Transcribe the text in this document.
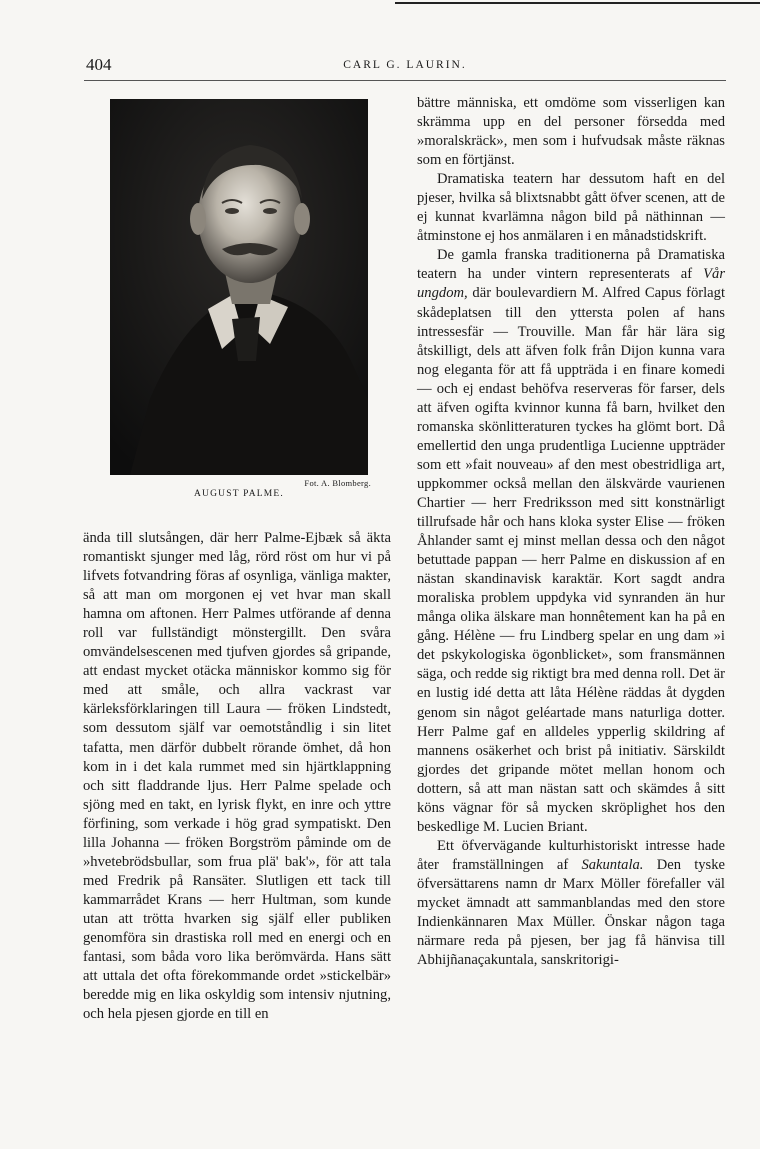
404	CARL G. LAURIN.
Fot. A. Blomberg.
AUGUST PALME.

ända till slutsången, där herr Palme-Ejbæk så äkta romantiskt sjunger med låg, rörd röst om hur vi på lifvets fotvandring föras af osynliga, vänliga makter, så att man om morgonen ej vet hvar man skall hamna om aftonen. Herr Palmes utförande af denna roll var fullständigt mönstergillt. Den svåra omvändelsescenen med tjufven gjordes så gripande, att endast mycket otäcka människor kommo sig för med att småle, och allra vackrast var kärleksförklaringen till Laura — fröken Lindstedt, som dessutom själf var oemotståndlig i sin litet tafatta, men därför dubbelt rörande ömhet, då hon kom in i det kala rummet med sin hjärtklappning och sitt fladdrande ljus. Herr Palme spelade och sjöng med en takt, en lyrisk flykt, en inre och yttre förfining, som verkade i hög grad sympatiskt. Den lilla Johanna — fröken Borgström påminde om de »hvetebrödsbullar, som frua plä' bak'», för att tala med Fredrik på Ransäter. Slutligen ett tack till kammarrådet Krans — herr Hultman, som kunde utan att trötta hvarken sig själf eller publiken genomföra sin drastiska roll med en energi och en fantasi, som båda voro lika berömvärda. Hans sätt att uttala det ofta förekommande ordet »stickelbär» beredde mig en lika oskyldig som intensiv njutning, och hela pjesen gjorde en till en

bättre människa, ett omdöme som visserligen kan skrämma upp en del personer försedda med »moralskräck», men som i hufvudsak måste räknas som en förtjänst.

Dramatiska teatern har dessutom haft en del pjeser, hvilka så blixtsnabbt gått öfver scenen, att de ej kunnat kvarlämna någon bild på näthinnan — åtminstone ej hos anmälaren i en månadstidskrift.

De gamla franska traditionerna på Dramatiska teatern ha under vintern representerats af Vår ungdom, där boulevardiern M. Alfred Capus förlagt skådeplatsen till den yttersta polen af hans intressesfär — Trouville. Man får här lära sig åtskilligt, dels att äfven folk från Dijon kunna vara nog eleganta för att få uppträda i en finare komedi — och ej endast behöfva reserveras för farser, dels att äfven ogifta kvinnor kunna få barn, hvilket den romanska skönlitteraturen tyckes ha glömt bort. Då emellertid den unga prudentliga Lucienne uppträder som ett »fait nouveau» af den mest obestridliga art, uppkommer också mellan den älskvärde vaurienen Chartier — herr Fredriksson med sitt konstnärligt tillrufsade hår och hans kloka syster Elise — fröken Åhlander samt ej minst mellan dessa och den något betuttade pappan — herr Palme en diskussion af en nästan skandinavisk karaktär. Kort sagdt andra moraliska problem uppdyka vid synranden än hur många olika älskare man honnêtement kan ha på en gång. Hélène — fru Lindberg spelar en ung dam »i det pskykologiska ögonblicket», som fransmännen säga, och redde sig riktigt bra med denna roll. Det är en lustig idé detta att låta Hélène räddas åt dygden genom sin något geléartade mans naturliga dotter. Herr Palme gaf en alldeles ypperlig skildring af mannens osäkerhet och brist på initiativ. Särskildt gjordes det gripande mötet mellan honom och dottern, så att man nästan satt och skämdes å sitt köns vägnar för så mycken skröplighet hos den beskedlige M. Lucien Briant.

Ett öfvervägande kulturhistoriskt intresse hade åter framställningen af Sakuntala. Den tyske öfversättarens namn dr Marx Möller förefaller väl mycket ämnadt att sammanblandas med den store Indienkännaren Max Müller. Önskar någon taga närmare reda på pjesen, ber jag få hänvisa till Abhijñanaçakuntala, sanskritorigi-
